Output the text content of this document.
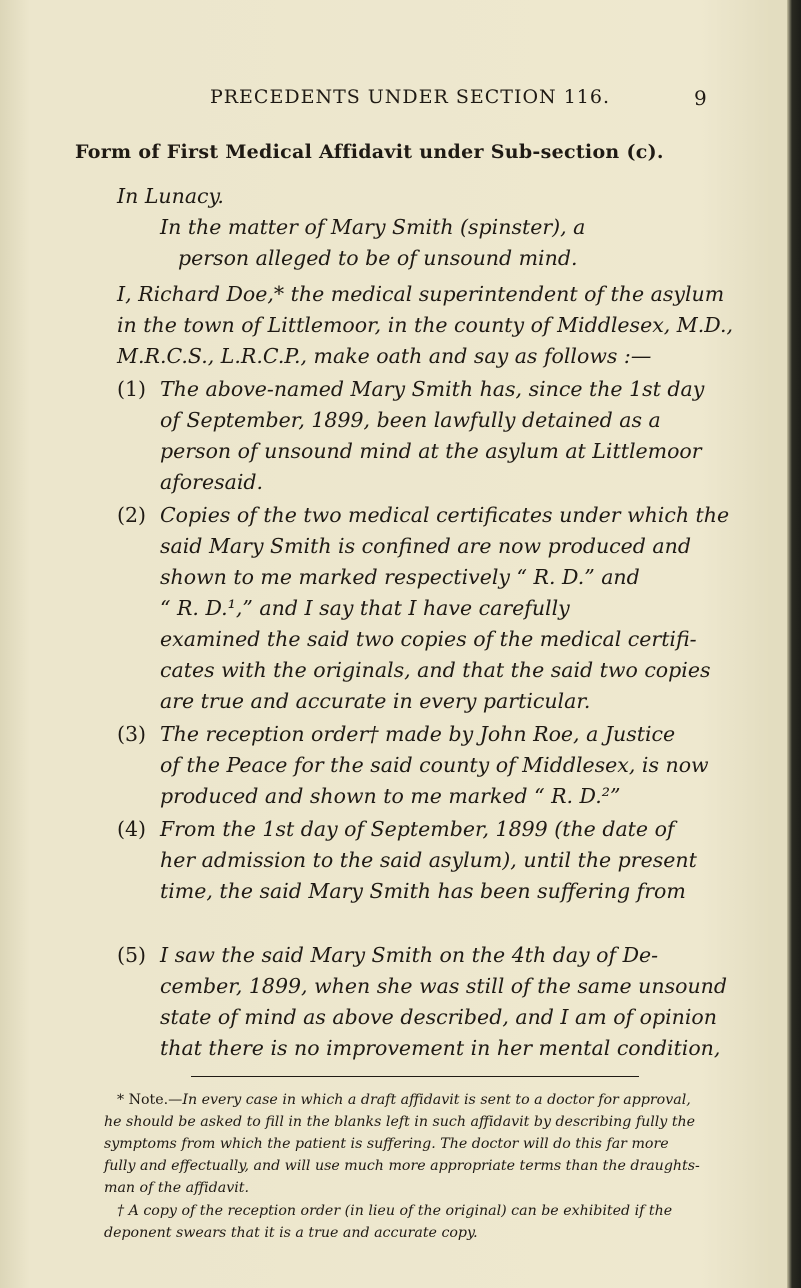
PRECEDENTS UNDER SECTION 116.	9
Form of First Medical Affidavit under Sub-section (c).
In Lunacy.
In the matter of Mary Smith (spinster), a
person alleged to be of unsound mind.
I, Richard Doe,* the medical superintendent of the asylum
in the town of Littlemoor, in the county of Middlesex, M.D.,
M.R.C.S., L.R.C.P., make oath and say as follows :—
(1) The above-named Mary Smith has, since the 1st day
of September, 1899, been lawfully detained as a
person of unsound mind at the asylum at Littlemoor
aforesaid.
(2) Copies of the two medical certificates under which the
said Mary Smith is confined are now produced and
shown to me marked respectively “ R. D.” and
“ R. D.¹,” and I say that I have carefully
examined the said two copies of the medical certifi-
cates with the originals, and that the said two copies
are true and accurate in every particular.
(3) The reception order† made by John Roe, a Justice
of the Peace for the said county of Middlesex, is now
produced and shown to me marked “ R. D.²”
(4) From the 1st day of September, 1899 (the date of
her admission to the said asylum), until the present
time, the said Mary Smith has been suffering from
(5) I saw the said Mary Smith on the 4th day of De-
cember, 1899, when she was still of the same unsound
state of mind as above described, and I am of opinion
that there is no improvement in her mental condition,
* Note.—In every case in which a draft affidavit is sent to a doctor for approval,
he should be asked to fill in the blanks left in such affidavit by describing fully the
symptoms from which the patient is suffering. The doctor will do this far more
fully and effectually, and will use much more appropriate terms than the draughts-
man of the affidavit.
† A copy of the reception order (in lieu of the original) can be exhibited if the
deponent swears that it is a true and accurate copy.
